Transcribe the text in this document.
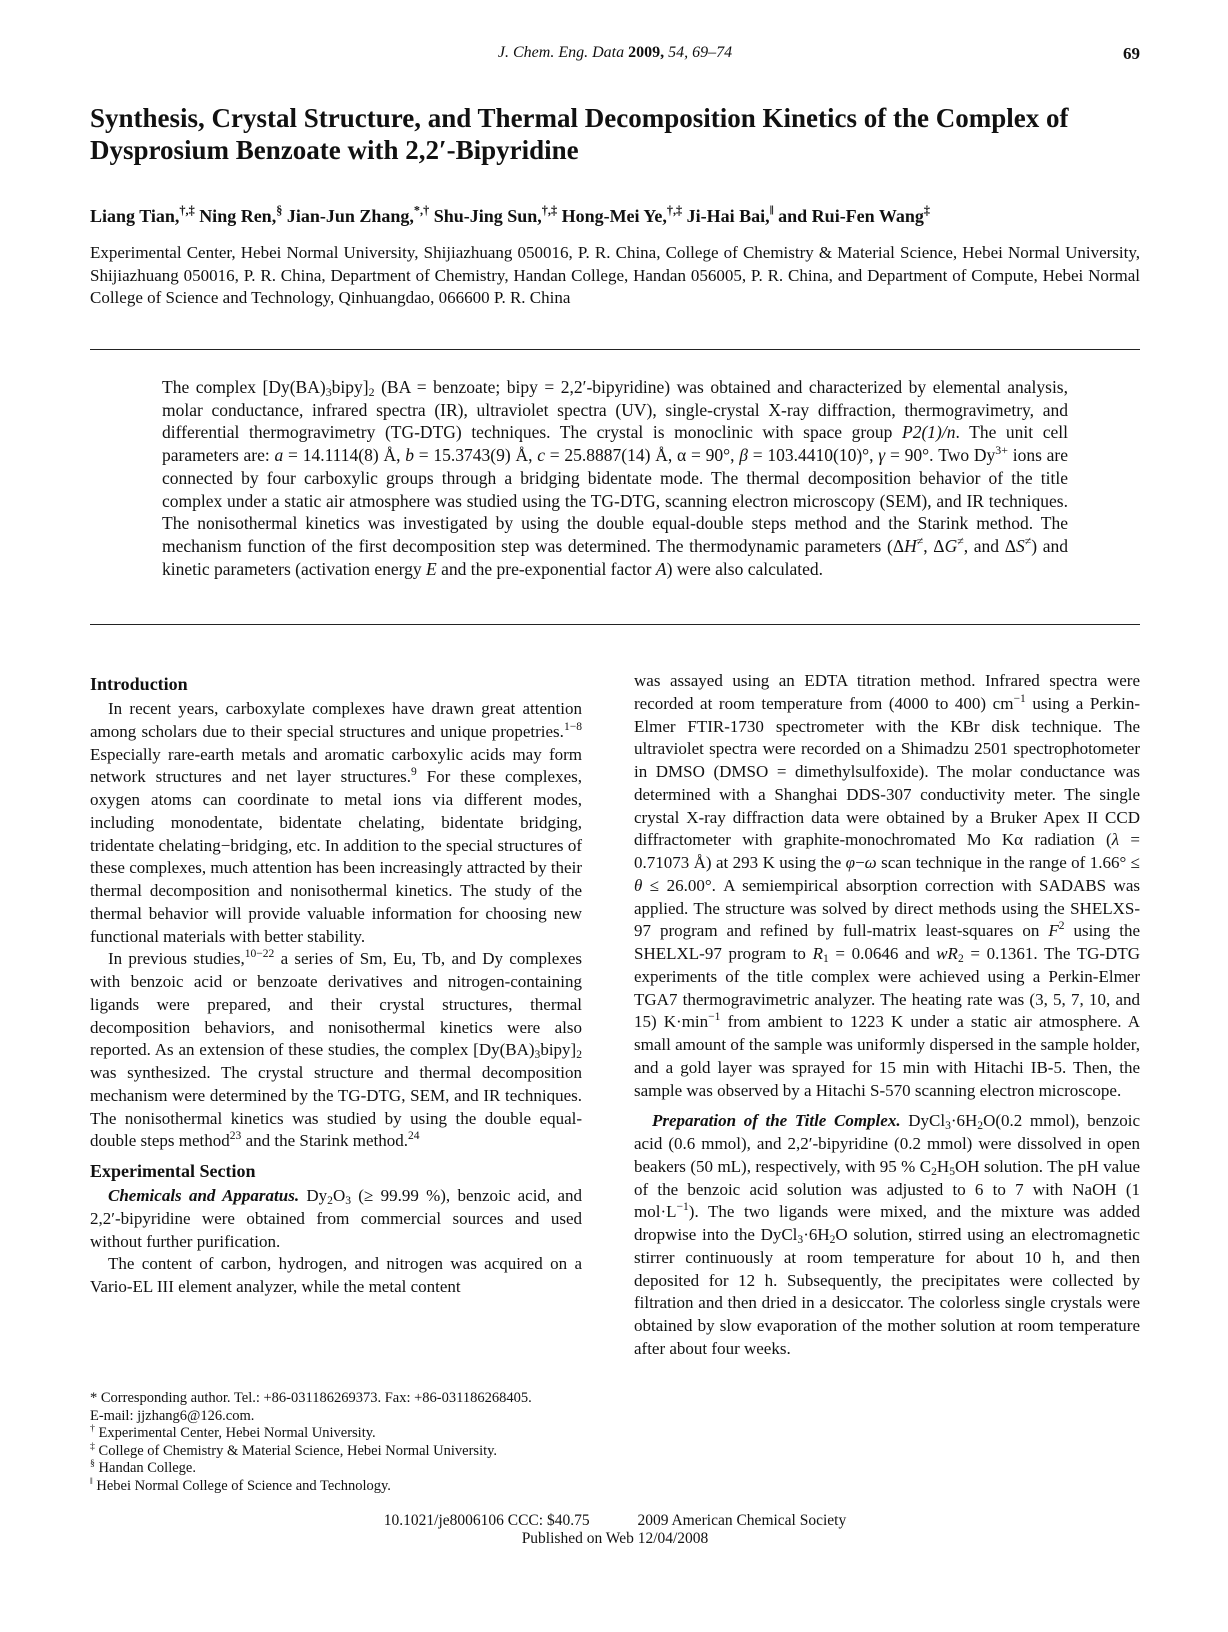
J. Chem. Eng. Data 2009, 54, 69–74	69
Synthesis, Crystal Structure, and Thermal Decomposition Kinetics of the Complex of Dysprosium Benzoate with 2,2′-Bipyridine
Liang Tian,†,‡ Ning Ren,§ Jian-Jun Zhang,*,† Shu-Jing Sun,†,‡ Hong-Mei Ye,†,‡ Ji-Hai Bai,‖ and Rui-Fen Wang‡
Experimental Center, Hebei Normal University, Shijiazhuang 050016, P. R. China, College of Chemistry & Material Science, Hebei Normal University, Shijiazhuang 050016, P. R. China, Department of Chemistry, Handan College, Handan 056005, P. R. China, and Department of Compute, Hebei Normal College of Science and Technology, Qinhuangdao, 066600 P. R. China
The complex $[Dy(BA)_3bipy]_2$ (BA = benzoate; bipy = 2,2′-bipyridine) was obtained and characterized by elemental analysis, molar conductance, infrared spectra (IR), ultraviolet spectra (UV), single-crystal X-ray diffraction, thermogravimetry, and differential thermogravimetry (TG-DTG) techniques. The crystal is monoclinic with space group P2(1)/n. The unit cell parameters are: a = 14.1114(8) Å, b = 15.3743(9) Å, c = 25.8887(14) Å, α = 90°, β = 103.4410(10)°, γ = 90°. Two $Dy^{3+}$ ions are connected by four carboxylic groups through a bridging bidentate mode. The thermal decomposition behavior of the title complex under a static air atmosphere was studied using the TG-DTG, scanning electron microscopy (SEM), and IR techniques. The nonisothermal kinetics was investigated by using the double equal-double steps method and the Starink method. The mechanism function of the first decomposition step was determined. The thermodynamic parameters (ΔH≠, ΔG≠, and ΔS≠) and kinetic parameters (activation energy E and the pre-exponential factor A) were also calculated.
Introduction

In recent years, carboxylate complexes have drawn great attention among scholars due to their special structures and unique propetries.$^{1-8}$ Especially rare-earth metals and aromatic carboxylic acids may form network structures and net layer structures.$^9$ For these complexes, oxygen atoms can coordinate to metal ions via different modes, including monodentate, bidentate chelating, bidentate bridging, tridentate chelating−bridging, etc. In addition to the special structures of these complexes, much attention has been increasingly attracted by their thermal decomposition and nonisothermal kinetics. The study of the thermal behavior will provide valuable information for choosing new functional materials with better stability.

In previous studies,$^{10-22}$ a series of Sm, Eu, Tb, and Dy complexes with benzoic acid or benzoate derivatives and nitrogen-containing ligands were prepared, and their crystal structures, thermal decomposition behaviors, and nonisothermal kinetics were also reported. As an extension of these studies, the complex $[Dy(BA)_3bipy]_2$ was synthesized. The crystal structure and thermal decomposition mechanism were determined by the TG-DTG, SEM, and IR techniques. The nonisothermal kinetics was studied by using the double equal-double steps method$^{23}$ and the Starink method.$^{24}$

Experimental Section

Chemicals and Apparatus. $Dy_2O_3$ (≥ 99.99 %), benzoic acid, and 2,2′-bipyridine were obtained from commercial sources and used without further purification.

The content of carbon, hydrogen, and nitrogen was acquired on a Vario-EL III element analyzer, while the metal content

* Corresponding author. Tel.: +86-031186269373. Fax: +86-031186268405.
E-mail: jjzhang6@126.com.
† Experimental Center, Hebei Normal University.
‡ College of Chemistry & Material Science, Hebei Normal University.
§ Handan College.
‖ Hebei Normal College of Science and Technology.

was assayed using an EDTA titration method. Infrared spectra were recorded at room temperature from (4000 to 400) $cm^{-1}$ using a Perkin-Elmer FTIR-1730 spectrometer with the KBr disk technique. The ultraviolet spectra were recorded on a Shimadzu 2501 spectrophotometer in DMSO (DMSO = dimethylsulfoxide). The molar conductance was determined with a Shanghai DDS-307 conductivity meter. The single crystal X-ray diffraction data were obtained by a Bruker Apex II CCD diffractometer with graphite-monochromated Mo Kα radiation (λ = 0.71073 Å) at 293 K using the φ−ω scan technique in the range of 1.66° ≤ θ ≤ 26.00°. A semiempirical absorption correction with SADABS was applied. The structure was solved by direct methods using the SHELXS-97 program and refined by full-matrix least-squares on $F^2$ using the SHELXL-97 program to $R_1 = 0.0646$ and $wR_2 = 0.1361$. The TG-DTG experiments of the title complex were achieved using a Perkin-Elmer TGA7 thermogravimetric analyzer. The heating rate was (3, 5, 7, 10, and 15) $K\cdot\min^{-1}$ from ambient to 1223 K under a static air atmosphere. A small amount of the sample was uniformly dispersed in the sample holder, and a gold layer was sprayed for 15 min with Hitachi IB-5. Then, the sample was observed by a Hitachi S-570 scanning electron microscope.

Preparation of the Title Complex. $DyCl_3\cdot 6H_2O(0.2$ mmol), benzoic acid (0.6 mmol), and 2,2′-bipyridine (0.2 mmol) were dissolved in open beakers (50 mL), respectively, with 95 % $C_2H_5OH$ solution. The pH value of the benzoic acid solution was adjusted to 6 to 7 with NaOH (1 $mol\cdot L^{-1}$). The two ligands were mixed, and the mixture was added dropwise into the $DyCl_3\cdot 6H_2O$ solution, stirred using an electromagnetic stirrer continuously at room temperature for about 10 h, and then deposited for 12 h. Subsequently, the precipitates were collected by filtration and then dried in a desiccator. The colorless single crystals were obtained by slow evaporation of the mother solution at room temperature after about four weeks.

10.1021/je8006106 CCC: $40.75	2009 American Chemical Society
Published on Web 12/04/2008
